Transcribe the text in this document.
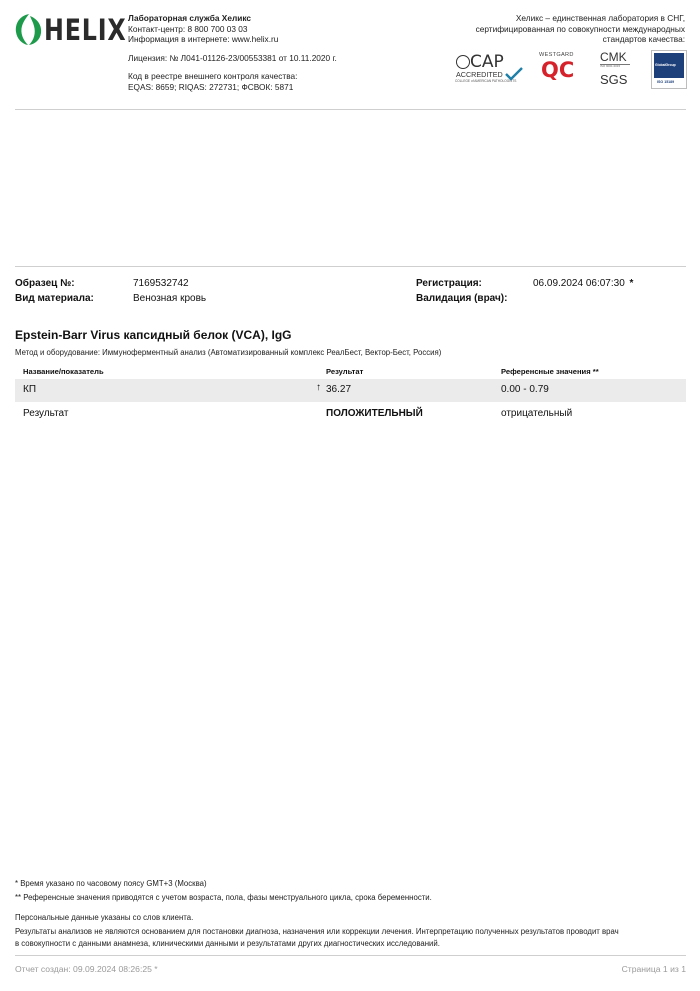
HELIX Лабораторная служба Хеликс
Контакт-центр: 8 800 700 03 03
Информация в интернете: www.helix.ru
Лицензия: № Л041-01126-23/00553381 от 10.11.2020 г.
Код в реестре внешнего контроля качества:
EQAS: 8659; RIQAS: 272731; ФСВОК: 5871
Хеликс – единственная лаборатория в СНГ,
сертифицированная по совокупности международных
стандартов качества:
CAP
ACCREDITED
COLLEGE of AMERICAN PATHOLOGISTS
WESTGARD
QC
CMK
ISO 9001:2015
SGS
GlobalGroup
ISO 15189
Образец №:	7169532742
Вид материала:	Венозная кровь
Регистрация:	06.09.2024 06:07:30 *
Валидация (врач):
Epstein-Barr Virus капсидный белок (VCA), IgG
Метод и оборудование: Иммуноферментный анализ (Автоматизированный комплекс РеалБест, Вектор-Бест, Россия)
Название/показатель	Результат	Референсные значения **
КП	↑ 36.27	0.00 - 0.79
Результат	ПОЛОЖИТЕЛЬНЫЙ	отрицательный
* Время указано по часовому поясу GMT+3 (Москва)
** Референсные значения приводятся с учетом возраста, пола, фазы менструального цикла, срока беременности.
Персональные данные указаны со слов клиента.
Результаты анализов не являются основанием для постановки диагноза, назначения или коррекции лечения. Интерпретацию полученных результатов проводит врач
в совокупности с данными анамнеза, клиническими данными и результатами других диагностических исследований.
Отчет создан: 09.09.2024 08:26:25 *	Страница 1 из 1
